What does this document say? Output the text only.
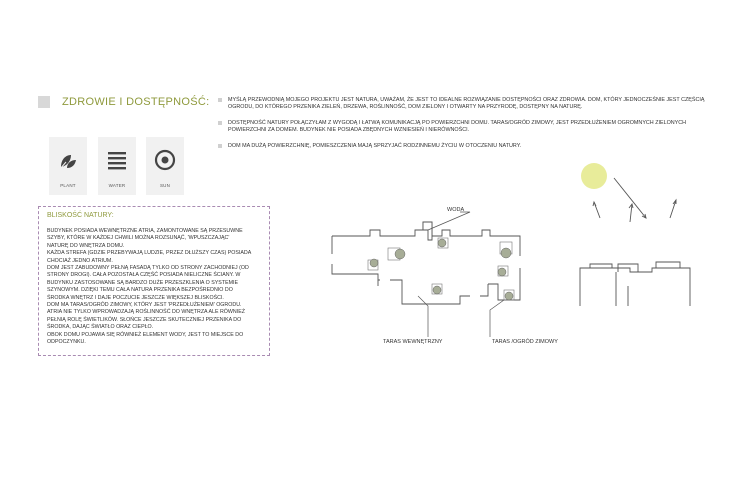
ZDROWIE I DOSTĘPNOŚĆ:	MYŚLĄ PRZEWODNIĄ MOJEGO PROJEKTU JEST NATURA, UWAŻAM, ŻE JEST TO IDEALNE ROZWIĄZANIE DOSTĘPNOŚCI ORAZ ZDROWIA. DOM, KTÓRY JEDNOCZEŚNIE JEST CZĘŚCIĄ OGRODU, DO KTÓREGO PRZENIKA ZIELEŃ, DRZEWA, ROŚLINNOŚĆ, DOM ZIELONY I OTWARTY NA PRZYRODĘ, DOSTĘPNY NA NATURĘ.
DOSTĘPNOŚĆ NATURY POŁĄCZYŁAM Z WYGODĄ I ŁATWĄ KOMUNIKACJĄ PO POWIERZCHNI DOMU. TARAS/OGRÓD ZIMOWY, JEST PRZEDŁUŻENIEM OGROMNYCH ZIELONYCH POWIERZCHNI ZA DOMEM. BUDYNEK NIE POSIADA ZBĘDNYCH WZNIESIEŃ I NIERÓWNOŚCI.
DOM MA DUŻĄ POWIERZCHNIĘ, POMIESZCZENIA MAJĄ SPRZYJAĆ RODZINNEMU ŻYCIU W OTOCZENIU NATURY.
PLANT	WATER	SUN
BLISKOŚĆ NATURY:
BUDYNEK POSIADA WEWNĘTRZNE ATRIA, ZAMONTOWANE SĄ PRZESUWNE
SZYBY, KTÓRE W KAŻDEJ CHWILI MOŻNA ROZSUNĄĆ, 'WPUSZCZAJĄC'
NATURĘ DO WNĘTRZA DOMU.
KAŻDA STREFA (GDZIE PRZEBYWAJĄ LUDZIE, PRZEZ DŁUŻSZY CZAS) POSIADA
CHOCIAŻ JEDNO ATRIUM.
DOM JEST ZABUDOWNY PEŁNĄ FASADĄ TYLKO OD STRONY ZACHODNIEJ (OD
STRONY DROGI). CAŁA POZOSTAŁA CZĘŚĆ POSIADA NIELICZNE ŚCIANY. W
BUDYNKU ZASTOSOWANE SĄ BARDZO DUŻE PRZESZKLENIA O SYSTEMIE
SZYNOWYM. DZIĘKI TEMU CAŁA NATURA PRZENIKA BEZPOŚREDNIO DO
ŚRODKA WNĘTRZ I DAJE POCZUCIE JESZCZE WIĘKSZEJ BLISKOŚCI.
DOM MA TARAS/OGRÓD ZIMOWY, KTÓRY JEST 'PRZEDŁUŻENIEM' OGRODU.
ATRIA NIE TYLKO WPROWADZAJĄ ROŚLINNOŚĆ DO WNĘTRZA ALE RÓWNIEŻ
PEŁNIĄ ROLĘ ŚWIETLIKÓW. SŁOŃCE JESZCZE SKUTECZNIEJ PRZENIKA DO
ŚRODKA, DAJĄC ŚWIATŁO ORAZ CIEPŁO.
OBOK DOMU POJAWIA SIĘ RÓWNIEŻ ELEMENT WODY, JEST TO MIEJSCE DO
ODPOCZYNKU.
WODA
TARAS WEWNĘTRZNY	TARAS /OGRÓD ZIMOWY
